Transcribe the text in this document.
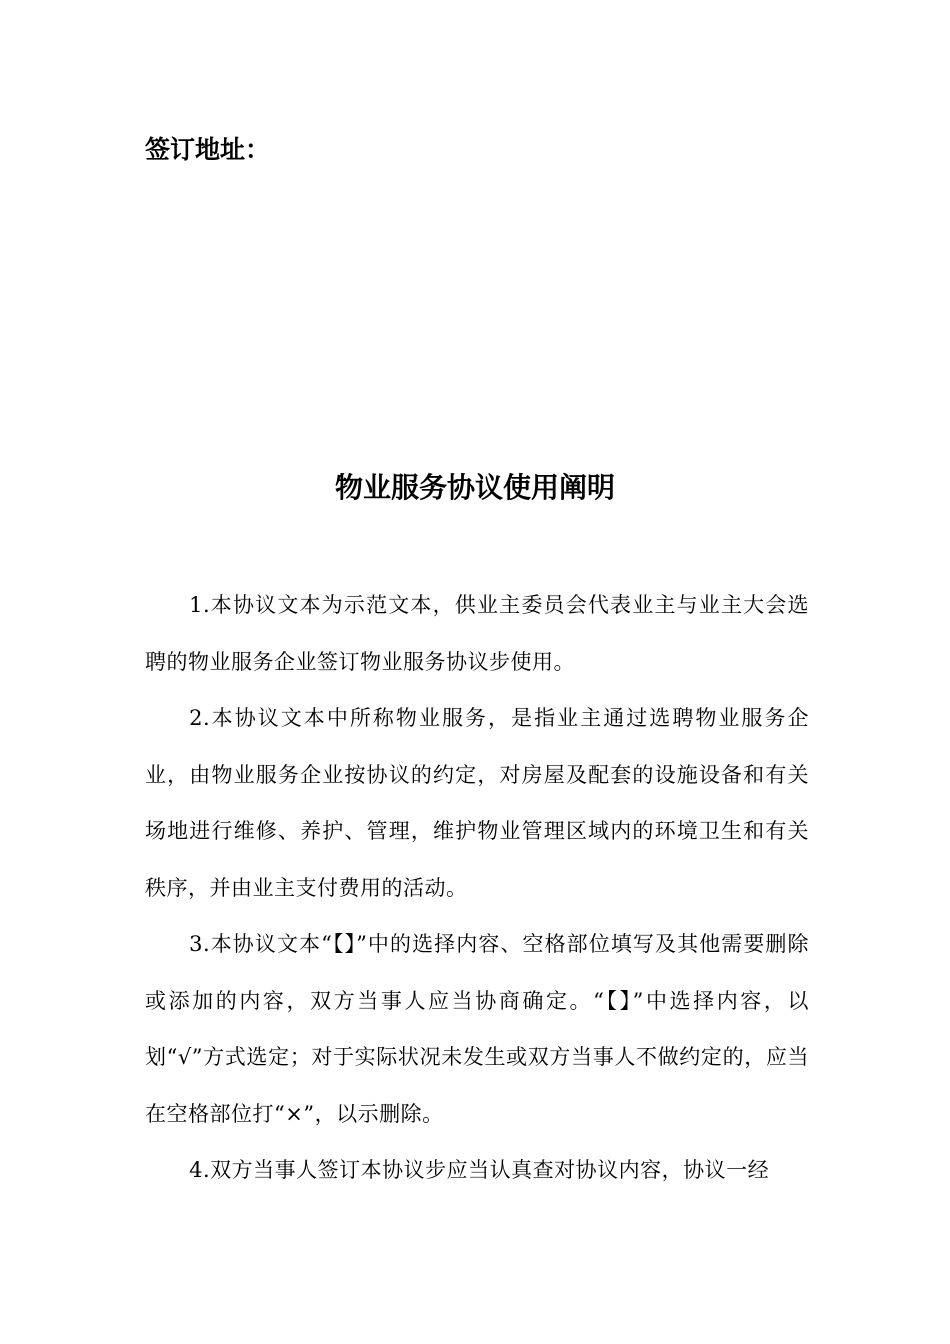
签订地址：

物业服务协议使用阐明

1.本协议文本为示范文本，供业主委员会代表业主与业主大会选聘的物业服务企业签订物业服务协议步使用。

2.本协议文本中所称物业服务，是指业主通过选聘物业服务企业，由物业服务企业按协议的约定，对房屋及配套的设施设备和有关场地进行维修、养护、管理，维护物业管理区域内的环境卫生和有关秩序，并由业主支付费用的活动。

3.本协议文本“【】”中的选择内容、空格部位填写及其他需要删除或添加的内容，双方当事人应当协商确定。“【】”中选择内容，以划“√”方式选定；对于实际状况未发生或双方当事人不做约定的，应当在空格部位打“×”，以示删除。

4.双方当事人签订本协议步应当认真查对协议内容，协议一经
